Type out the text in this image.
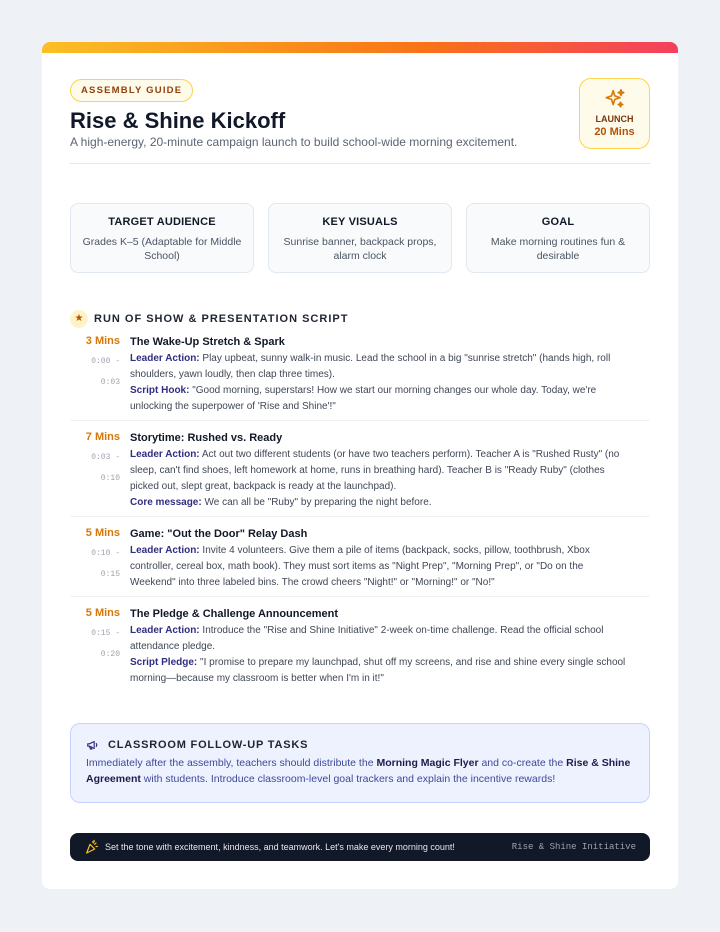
ASSEMBLY GUIDE
Rise & Shine Kickoff

A high-energy, 20-minute campaign launch to build school-wide morning excitement.

LAUNCH
20 Mins
TARGET AUDIENCE
Grades K–5 (Adaptable for Middle School)
KEY VISUALS
Sunrise banner, backpack props, alarm clock
GOAL
Make morning routines fun & desirable
★ RUN OF SHOW & PRESENTATION SCRIPT
3 Mins
0:00 -
0:03
The Wake-Up Stretch & Spark
Leader Action: Play upbeat, sunny walk-in music. Lead the school in a big "sunrise stretch" (hands high, roll
shoulders, yawn loudly, then clap three times).
Script Hook: "Good morning, superstars! How we start our morning changes our whole day. Today, we're
unlocking the superpower of 'Rise and Shine'!"
7 Mins
0:03 -
0:10
Storytime: Rushed vs. Ready
Leader Action: Act out two different students (or have two teachers perform). Teacher A is "Rushed Rusty" (no
sleep, can't find shoes, left homework at home, runs in breathing hard). Teacher B is "Ready Ruby" (clothes
picked out, slept great, backpack is ready at the launchpad).
Core message: We can all be "Ruby" by preparing the night before.
5 Mins
0:10 -
0:15
Game: "Out the Door" Relay Dash
Leader Action: Invite 4 volunteers. Give them a pile of items (backpack, socks, pillow, toothbrush, Xbox
controller, cereal box, math book). They must sort items as "Night Prep", "Morning Prep", or "Do on the
Weekend" into three labeled bins. The crowd cheers "Night!" or "Morning!" or "No!"
5 Mins
0:15 -
0:20
The Pledge & Challenge Announcement
Leader Action: Introduce the "Rise and Shine Initiative" 2-week on-time challenge. Read the official school
attendance pledge.
Script Pledge: "I promise to prepare my launchpad, shut off my screens, and rise and shine every single school
morning—because my classroom is better when I'm in it!"
CLASSROOM FOLLOW-UP TASKS
Immediately after the assembly, teachers should distribute the Morning Magic Flyer and co-create the Rise & Shine
Agreement with students. Introduce classroom-level goal trackers and explain the incentive rewards!
Set the tone with excitement, kindness, and teamwork. Let's make every morning count!	Rise & Shine Initiative
